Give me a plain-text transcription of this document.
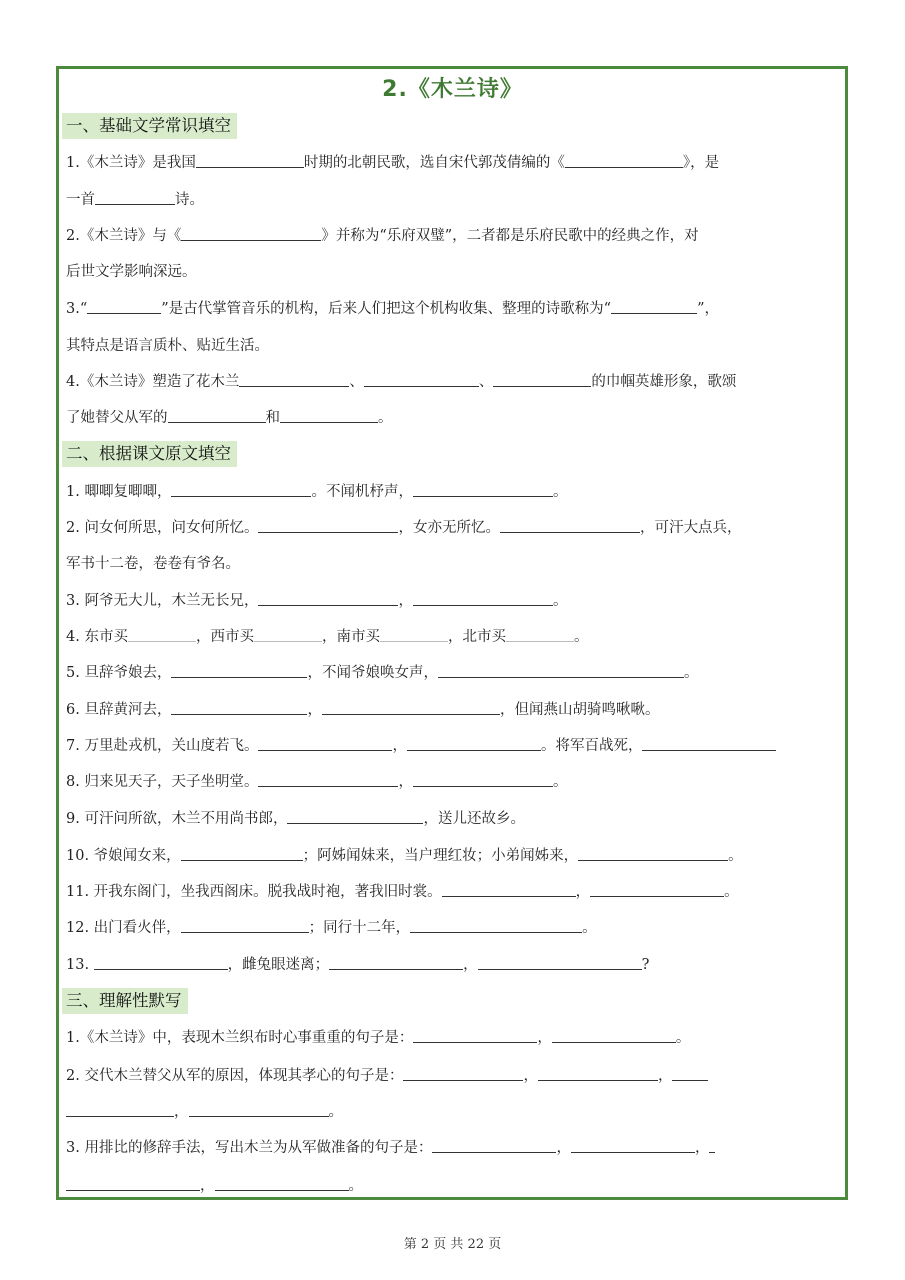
2.《木兰诗》
一、基础文学常识填空
1.《木兰诗》是我国	时期的北朝民歌，选自宋代郭茂倩编的《	》，是
一首	诗。
2.《木兰诗》与《	》并称为“乐府双璧”，二者都是乐府民歌中的经典之作，对
后世文学影响深远。
3.“	”是古代掌管音乐的机构，后来人们把这个机构收集、整理的诗歌称为“	”，
其特点是语言质朴、贴近生活。
4.《木兰诗》塑造了花木兰	、	、	的巾帼英雄形象，歌颂
了她替父从军的	和	。
二、根据课文原文填空
1. 唧唧复唧唧，	。不闻机杼声，	。
2. 问女何所思，问女何所忆。	，女亦无所忆。	，可汗大点兵，
军书十二卷，卷卷有爷名。
3. 阿爷无大儿，木兰无长兄，	，	。
4. 东市买	，西市买	，南市买	，北市买	。
5. 旦辞爷娘去，	，不闻爷娘唤女声，	。
6. 旦辞黄河去，	，	，但闻燕山胡骑鸣啾啾。
7. 万里赴戎机，关山度若飞。	，	。将军百战死，
8. 归来见天子，天子坐明堂。	，	。
9. 可汗问所欲，木兰不用尚书郎，	，送儿还故乡。
10. 爷娘闻女来，	；阿姊闻妹来，当户理红妆；小弟闻姊来，	。
11. 开我东阁门，坐我西阁床。脱我战时袍，著我旧时裳。	，	。
12. 出门看火伴，	；同行十二年，	。
13.	，雌兔眼迷离；	，	?
三、理解性默写
1.《木兰诗》中，表现木兰织布时心事重重的句子是：	，	。
2. 交代木兰替父从军的原因，体现其孝心的句子是：	，	，
，	。
3. 用排比的修辞手法，写出木兰为从军做准备的句子是：	，	，
，	。
第 2 页 共 22 页
